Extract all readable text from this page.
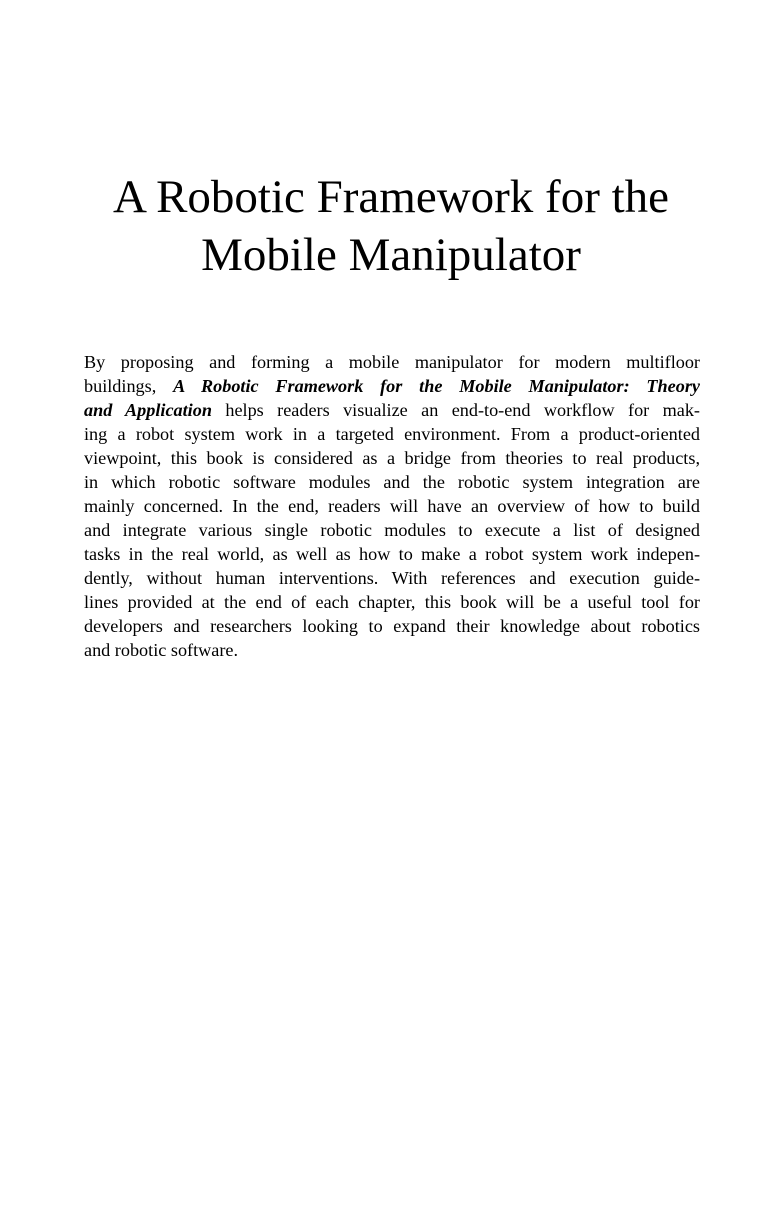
A Robotic Framework for the
Mobile Manipulator
By proposing and forming a mobile manipulator for modern multifloor
buildings, A Robotic Framework for the Mobile Manipulator: Theory
and Application helps readers visualize an end-to-end workflow for mak-
ing a robot system work in a targeted environment. From a product-oriented
viewpoint, this book is considered as a bridge from theories to real products,
in which robotic software modules and the robotic system integration are
mainly concerned. In the end, readers will have an overview of how to build
and integrate various single robotic modules to execute a list of designed
tasks in the real world, as well as how to make a robot system work indepen-
dently, without human interventions. With references and execution guide-
lines provided at the end of each chapter, this book will be a useful tool for
developers and researchers looking to expand their knowledge about robotics
and robotic software.
